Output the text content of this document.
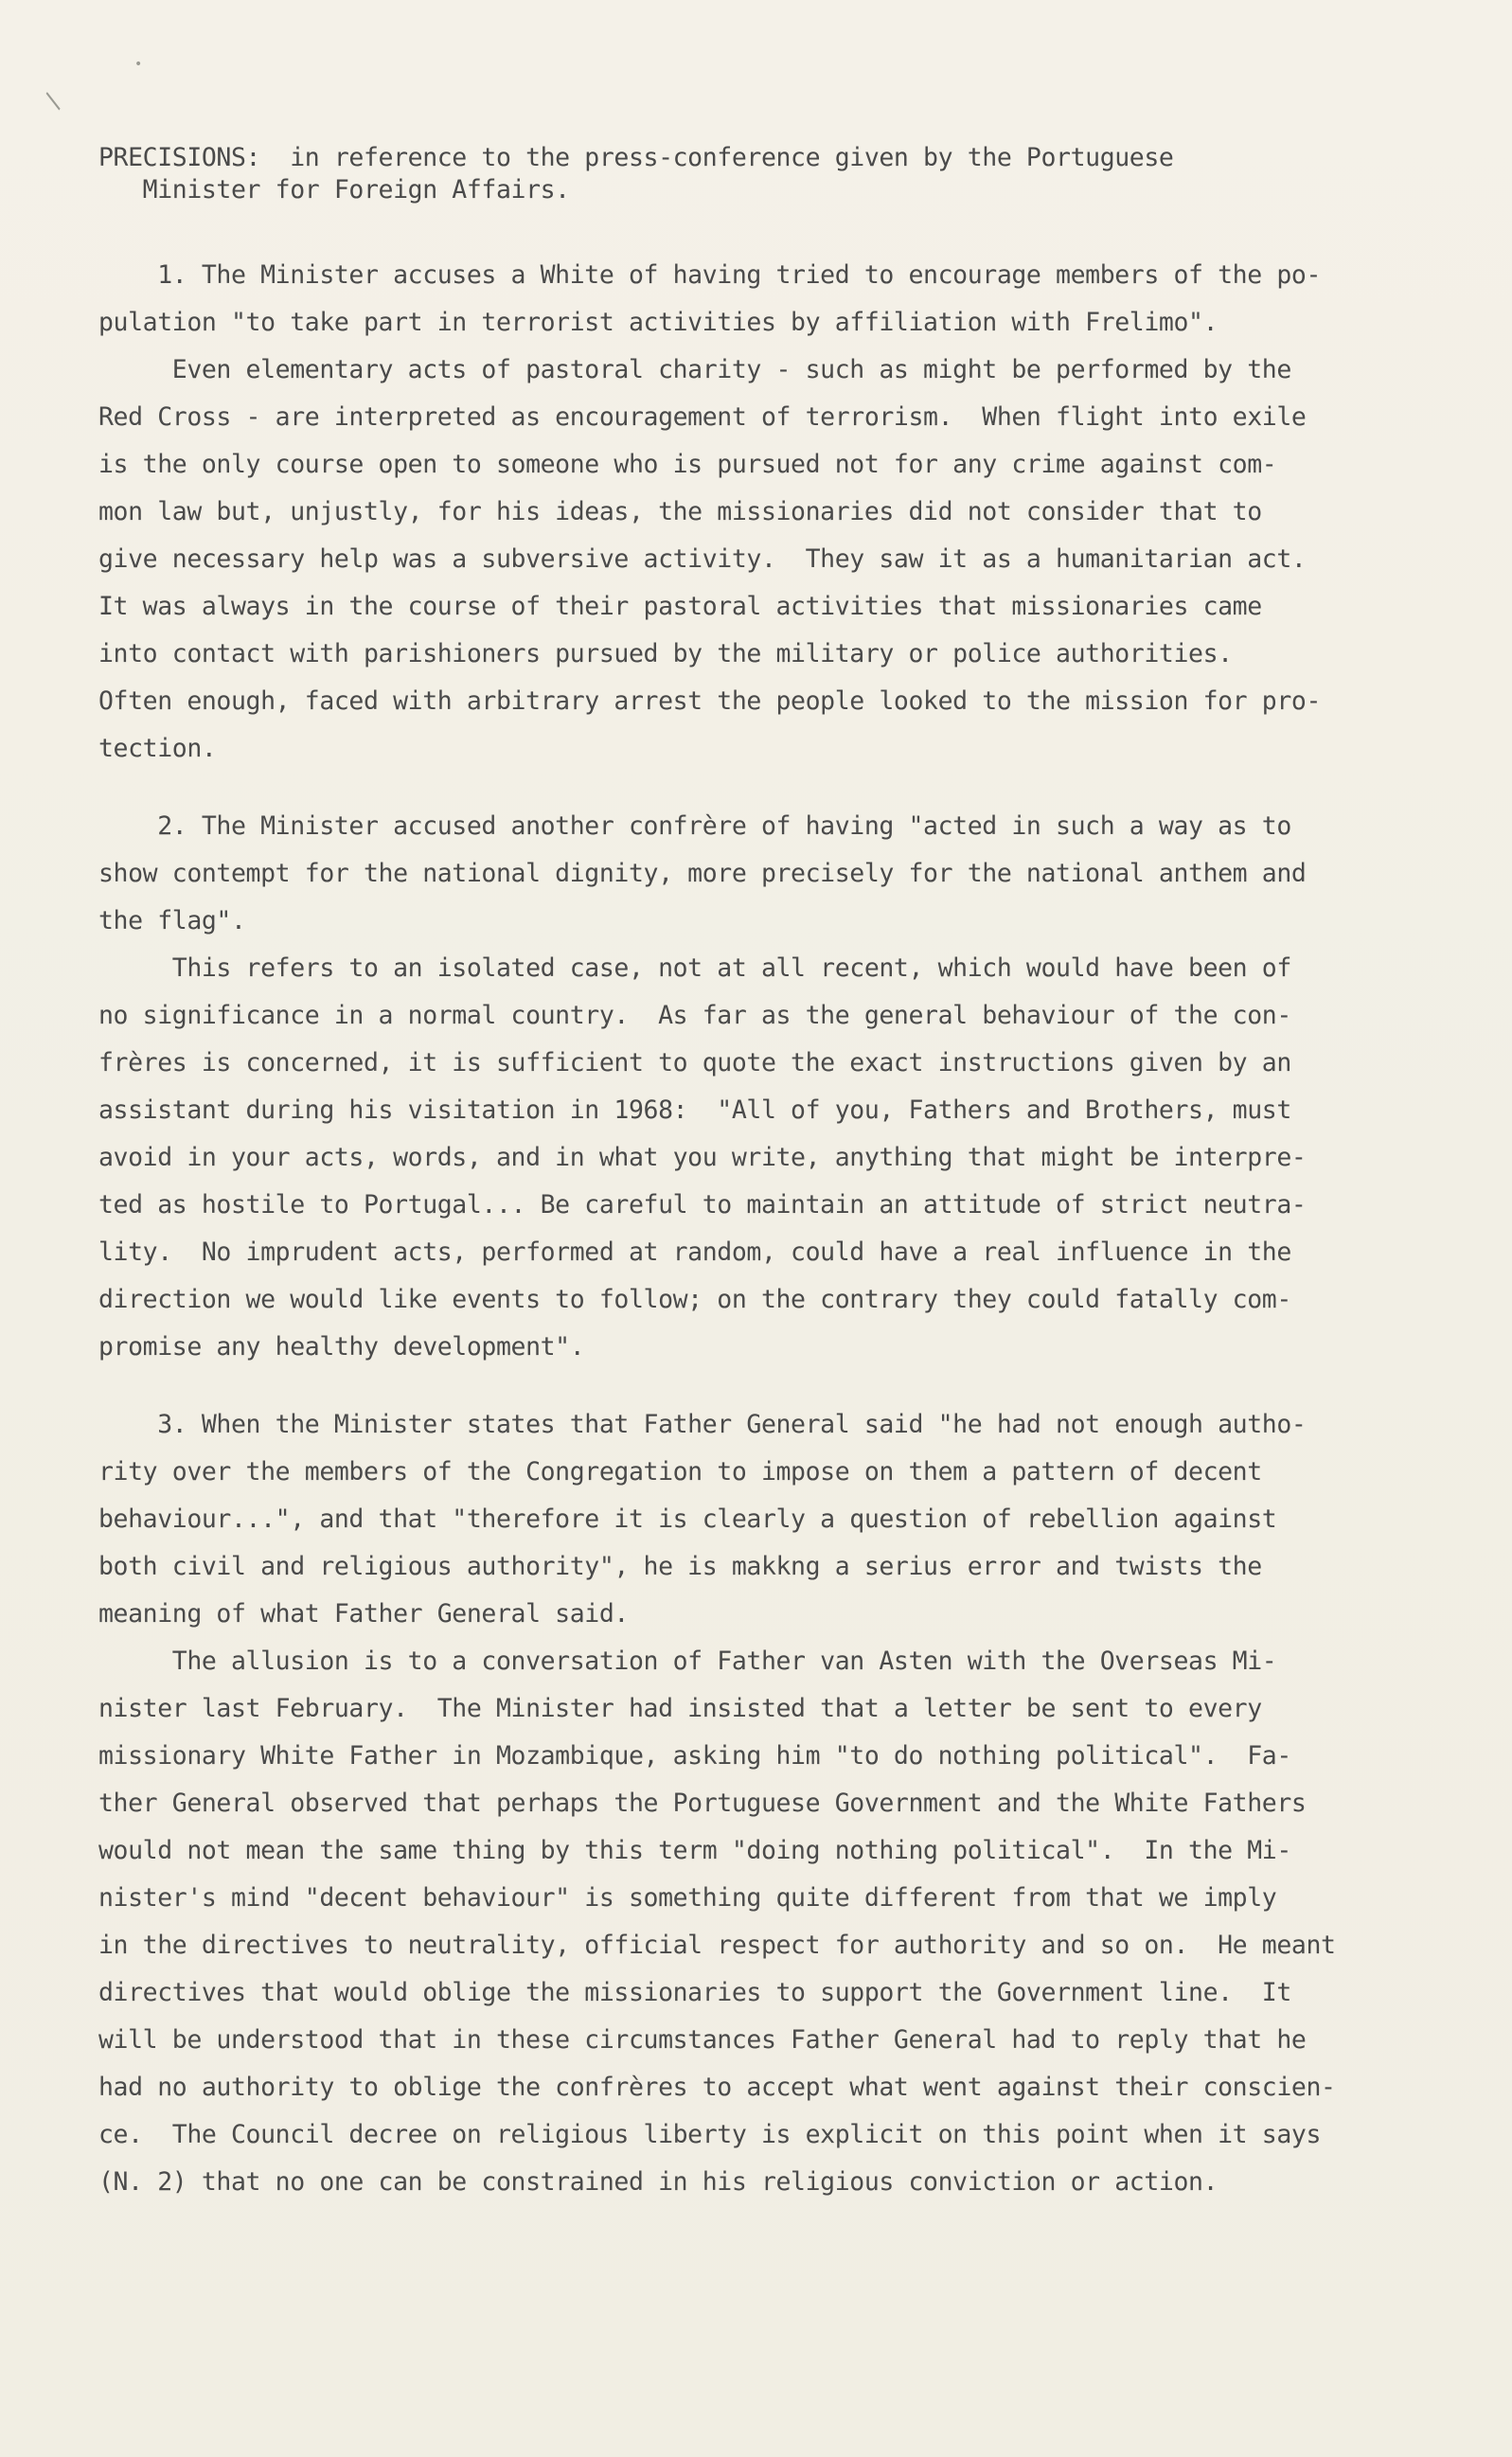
/
•
PRECISIONS:  in reference to the press-conference given by the Portuguese
Minister for Foreign Affairs.
1. The Minister accuses a White of having tried to encourage members of the po-
pulation "to take part in terrorist activities by affiliation with Frelimo".
Even elementary acts of pastoral charity - such as might be performed by the
Red Cross - are interpreted as encouragement of terrorism.  When flight into exile
is the only course open to someone who is pursued not for any crime against com-
mon law but, unjustly, for his ideas, the missionaries did not consider that to
give necessary help was a subversive activity.  They saw it as a humanitarian act.
It was always in the course of their pastoral activities that missionaries came
into contact with parishioners pursued by the military or police authorities.
Often enough, faced with arbitrary arrest the people looked to the mission for pro-
tection.
2. The Minister accused another confrère of having "acted in such a way as to
show contempt for the national dignity, more precisely for the national anthem and
the flag".
This refers to an isolated case, not at all recent, which would have been of
no significance in a normal country.  As far as the general behaviour of the con-
frères is concerned, it is sufficient to quote the exact instructions given by an
assistant during his visitation in 1968:  "All of you, Fathers and Brothers, must
avoid in your acts, words, and in what you write, anything that might be interpre-
ted as hostile to Portugal... Be careful to maintain an attitude of strict neutra-
lity.  No imprudent acts, performed at random, could have a real influence in the
direction we would like events to follow; on the contrary they could fatally com-
promise any healthy development".
3. When the Minister states that Father General said "he had not enough autho-
rity over the members of the Congregation to impose on them a pattern of decent
behaviour...", and that "therefore it is clearly a question of rebellion against
both civil and religious authority", he is makkng a serius error and twists the
meaning of what Father General said.
The allusion is to a conversation of Father van Asten with the Overseas Mi-
nister last February.  The Minister had insisted that a letter be sent to every
missionary White Father in Mozambique, asking him "to do nothing political".  Fa-
ther General observed that perhaps the Portuguese Government and the White Fathers
would not mean the same thing by this term "doing nothing political".  In the Mi-
nister's mind "decent behaviour" is something quite different from that we imply
in the directives to neutrality, official respect for authority and so on.  He meant
directives that would oblige the missionaries to support the Government line.  It
will be understood that in these circumstances Father General had to reply that he
had no authority to oblige the confrères to accept what went against their conscien-
ce.  The Council decree on religious liberty is explicit on this point when it says
(N. 2) that no one can be constrained in his religious conviction or action.
